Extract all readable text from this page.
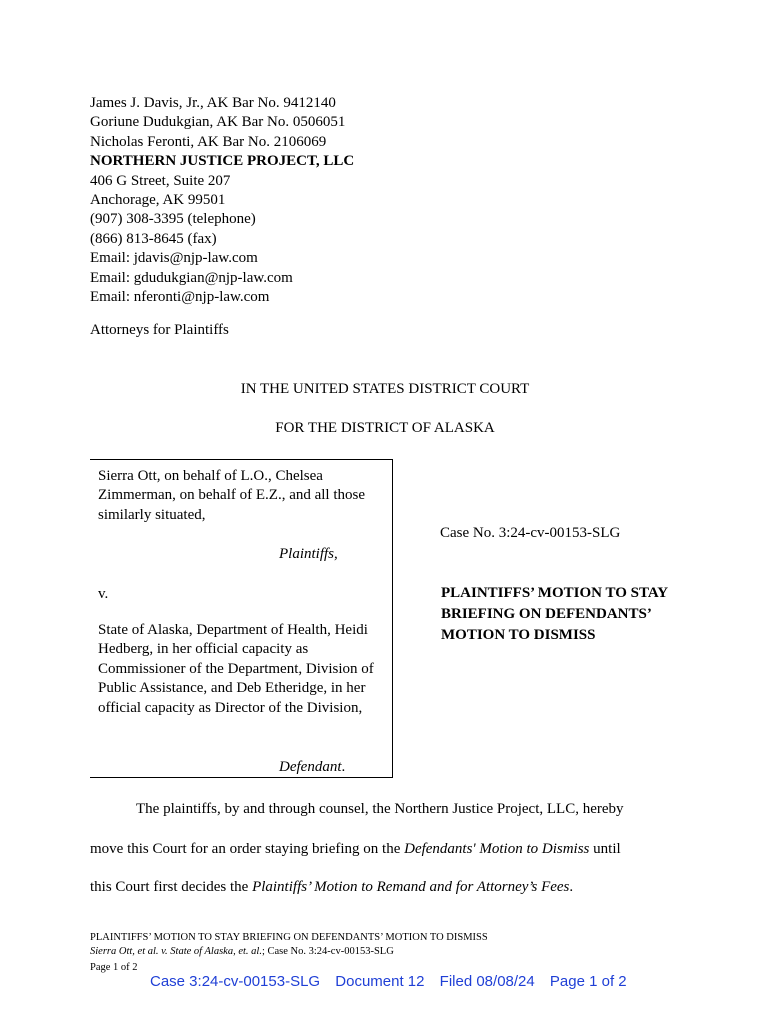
James J. Davis, Jr., AK Bar No. 9412140
Goriune Dudukgian, AK Bar No. 0506051
Nicholas Feronti, AK Bar No. 2106069
NORTHERN JUSTICE PROJECT, LLC
406 G Street, Suite 207
Anchorage, AK 99501
(907) 308-3395 (telephone)
(866) 813-8645 (fax)
Email: jdavis@njp-law.com
Email: gdudukgian@njp-law.com
Email: nferonti@njp-law.com
Attorneys for Plaintiffs
IN THE UNITED STATES DISTRICT COURT
FOR THE DISTRICT OF ALASKA
Sierra Ott, on behalf of L.O., Chelsea Zimmerman, on behalf of E.Z., and all those similarly situated,
Plaintiffs,
v.
State of Alaska, Department of Health, Heidi Hedberg, in her official capacity as Commissioner of the Department, Division of Public Assistance, and Deb Etheridge, in her official capacity as Director of the Division,
Defendant.
Case No. 3:24-cv-00153-SLG
PLAINTIFFS’ MOTION TO STAY BRIEFING ON DEFENDANTS’ MOTION TO DISMISS
The plaintiffs, by and through counsel, the Northern Justice Project, LLC, hereby
move this Court for an order staying briefing on the Defendants' Motion to Dismiss until
this Court first decides the Plaintiffs’ Motion to Remand and for Attorney’s Fees.
PLAINTIFFS’ MOTION TO STAY BRIEFING ON DEFENDANTS’ MOTION TO DISMISS
Sierra Ott, et al. v. State of Alaska, et. al.; Case No. 3:24-cv-00153-SLG
Page 1 of 2
Case 3:24-cv-00153-SLG Document 12 Filed 08/08/24 Page 1 of 2
